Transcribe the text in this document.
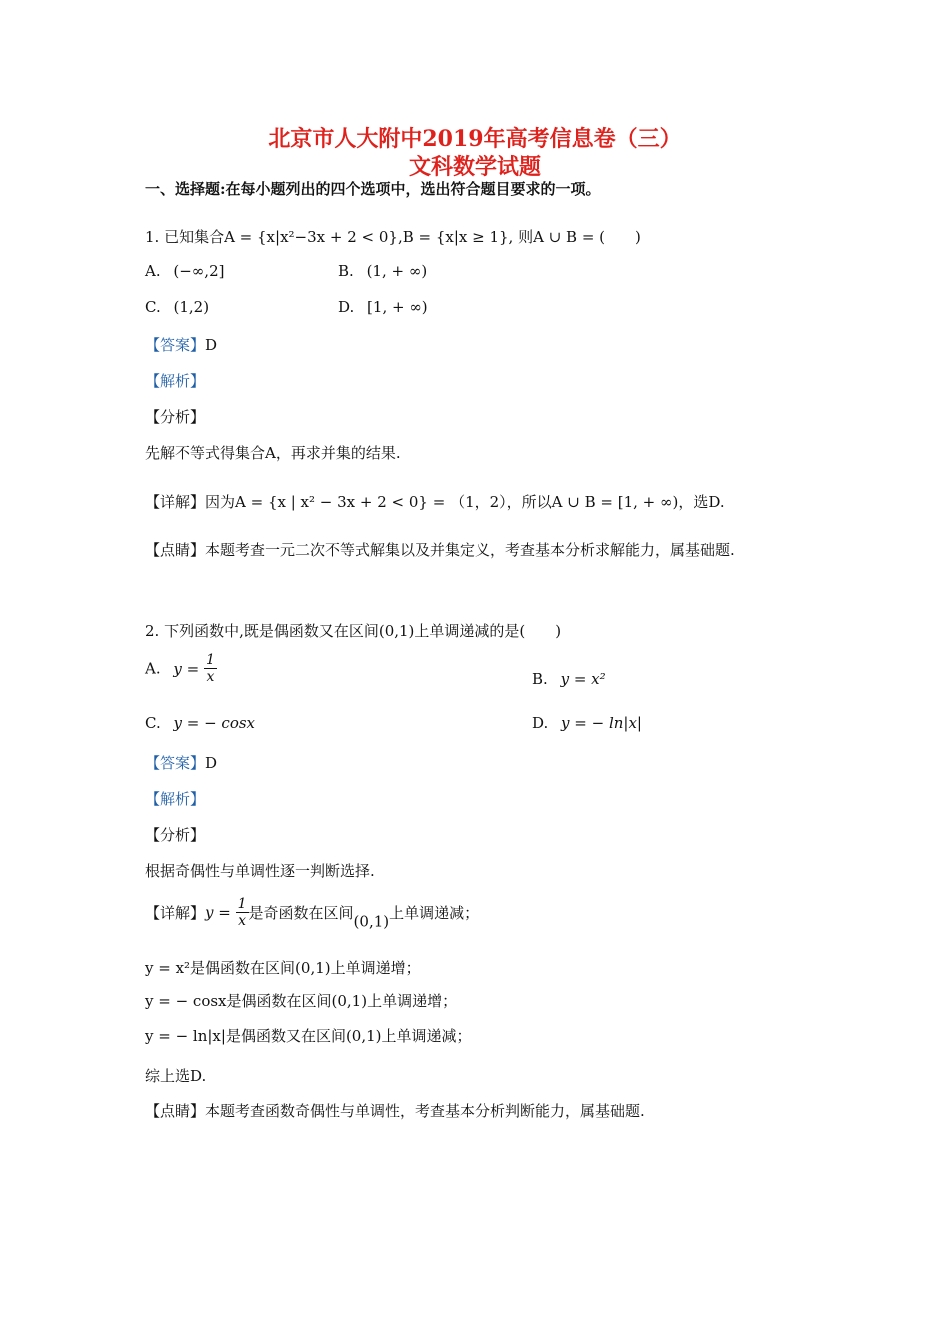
北京市人大附中2019年高考信息卷（三）
文科数学试题
一、选择题:在每小题列出的四个选项中，选出符合题目要求的一项。
1. 已知集合A = {x|x²−3x + 2 < 0},B = {x|x ≥ 1}, 则A ∪ B = (　　)
A. (−∞,2]	B. (1, + ∞)
C. (1,2)	D. [1, + ∞)
【答案】D
【解析】
【分析】
先解不等式得集合A，再求并集的结果.
【详解】因为A = {x | x² − 3x + 2 < 0} = （1，2），所以A ∪ B = [1, + ∞)，选D.
【点睛】本题考查一元二次不等式解集以及并集定义，考查基本分析求解能力，属基础题.
2. 下列函数中,既是偶函数又在区间(0,1)上单调递减的是(　　)
A. $y = \frac{1}{x}$	B. y = x²
C. y = − cosx	D. y = − ln|x|
【答案】D
【解析】
【分析】
根据奇偶性与单调性逐一判断选择.
【详解】$y = \frac{1}{x}$ 是奇函数在区间(0,1)上单调递减；
y = x²是偶函数在区间(0,1)上单调递增；
y = − cosx是偶函数在区间(0,1)上单调递增；
y = − ln|x|是偶函数又在区间(0,1)上单调递减；
综上选D.
【点睛】本题考查函数奇偶性与单调性，考查基本分析判断能力，属基础题.
